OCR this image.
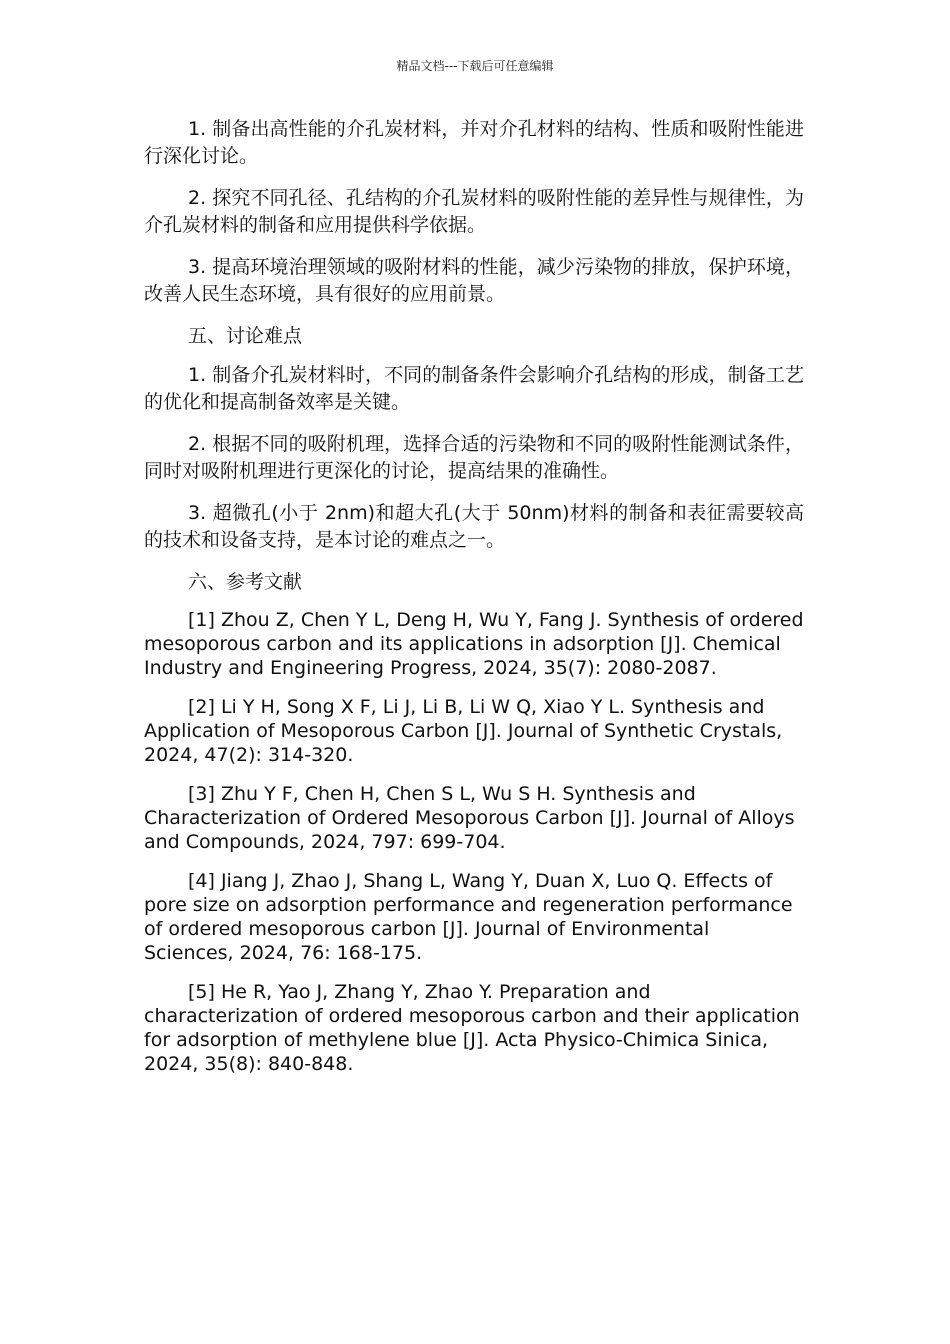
精品文档---下载后可任意编辑

1. 制备出高性能的介孔炭材料，并对介孔材料的结构、性质和吸附性能进行深化讨论。

2. 探究不同孔径、孔结构的介孔炭材料的吸附性能的差异性与规律性，为介孔炭材料的制备和应用提供科学依据。

3. 提高环境治理领域的吸附材料的性能，减少污染物的排放，保护环境，改善人民生态环境，具有很好的应用前景。

五、讨论难点

1. 制备介孔炭材料时，不同的制备条件会影响介孔结构的形成，制备工艺的优化和提高制备效率是关键。

2. 根据不同的吸附机理，选择合适的污染物和不同的吸附性能测试条件，同时对吸附机理进行更深化的讨论，提高结果的准确性。

3. 超微孔(小于 2nm)和超大孔(大于 50nm)材料的制备和表征需要较高的技术和设备支持，是本讨论的难点之一。

六、参考文献

[1] Zhou Z, Chen Y L, Deng H, Wu Y, Fang J. Synthesis of ordered mesoporous carbon and its applications in adsorption [J]. Chemical Industry and Engineering Progress, 2024, 35(7): 2080-2087.

[2] Li Y H, Song X F, Li J, Li B, Li W Q, Xiao Y L. Synthesis and Application of Mesoporous Carbon [J]. Journal of Synthetic Crystals, 2024, 47(2): 314-320.

[3] Zhu Y F, Chen H, Chen S L, Wu S H. Synthesis and Characterization of Ordered Mesoporous Carbon [J]. Journal of Alloys and Compounds, 2024, 797: 699-704.

[4] Jiang J, Zhao J, Shang L, Wang Y, Duan X, Luo Q. Effects of pore size on adsorption performance and regeneration performance of ordered mesoporous carbon [J]. Journal of Environmental Sciences, 2024, 76: 168-175.

[5] He R, Yao J, Zhang Y, Zhao Y. Preparation and characterization of ordered mesoporous carbon and their application for adsorption of methylene blue [J]. Acta Physico-Chimica Sinica, 2024, 35(8): 840-848.
